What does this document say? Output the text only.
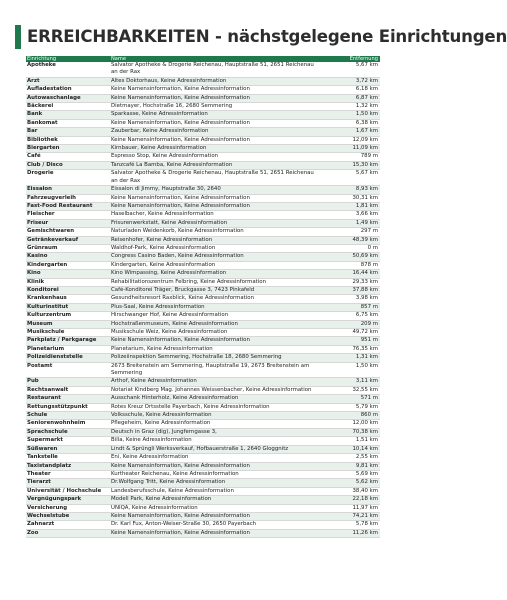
ERREICHBARKEITEN - nächstgelegene Einrichtungen
Einrichtung	Name	Entfernung
Apotheke	Salvator Apotheke & Drogerie Reichenau, Hauptstraße 51, 2651 Reichenau an der Rax	5,67 km
Arzt	Altes Doktorhaus, Keine Adressinformation	3,72 km
Aufladestation	Keine Namensinformation, Keine Adressinformation	6,18 km
Autowaschanlage	Keine Namensinformation, Keine Adressinformation	6,87 km
Bäckerei	Dietmayer, Hochstraße 16, 2680 Semmering	1,32 km
Bank	Sparkasse, Keine Adressinformation	1,50 km
Bankomat	Keine Namensinformation, Keine Adressinformation	6,38 km
Bar	Zauberbar, Keine Adressinformation	1,67 km
Bibliothek	Keine Namensinformation, Keine Adressinformation	12,09 km
Biergarten	Kirnbauer, Keine Adressinformation	11,09 km
Café	Espresso Stop, Keine Adressinformation	789 m
Club / Disco	Tanzcafé La Bamba, Keine Adressinformation	15,30 km
Drogerie	Salvator Apotheke & Drogerie Reichenau, Hauptstraße 51, 2651 Reichenau an der Rax	5,67 km
Eissalon	Eissalon di Jimmy, Hauptstraße 30, 2640	8,93 km
Fahrzeugverleih	Keine Namensinformation, Keine Adressinformation	30,31 km
Fast-Food Restaurant	Keine Namensinformation, Keine Adressinformation	1,81 km
Fleischer	Haselbacher, Keine Adressinformation	3,66 km
Friseur	Frisurenwerkstatt, Keine Adressinformation	1,49 km
Gemischtwaren	Naturladen Weidenkorb, Keine Adressinformation	297 m
Getränkeverkauf	Reisenhofer, Keine Adressinformation	48,39 km
Grünraum	Waldhof-Park, Keine Adressinformation	0 m
Kasino	Congress Casino Baden, Keine Adressinformation	50,69 km
Kindergarten	Kindergarten, Keine Adressinformation	878 m
Kino	Kino Wimpassing, Keine Adressinformation	16,44 km
Klinik	Rehabilitationszentrum Felbring, Keine Adressinformation	29,33 km
Konditorei	Café-Konditorei Träger, Bruckgasse 3, 7423 Pinkafeld	37,88 km
Krankenhaus	Gesundheitsresort Raxblick, Keine Adressinformation	3,98 km
Kulturinstitut	Plus-Saal, Keine Adressinformation	857 m
Kulturzentrum	Hirschwanger Hof, Keine Adressinformation	6,75 km
Museum	Hochstraßenmuseum, Keine Adressinformation	209 m
Musikschule	Musikschule Weiz, Keine Adressinformation	49,72 km
Parkplatz / Parkgarage	Keine Namensinformation, Keine Adressinformation	951 m
Planetarium	Planetarium, Keine Adressinformation	76,35 km
Polizeidienststelle	Polizeiinspektion Semmering, Hochstraße 18, 2680 Semmering	1,31 km
Postamt	2673 Breitenstein am Semmering, Hauptstraße 19, 2673 Breitenstein am Semmering	1,50 km
Pub	Arthof, Keine Adressinformation	3,11 km
Rechtsanwalt	Notariat Kindberg Mag. Johannes Weissenbacher, Keine Adressinformation	32,55 km
Restaurant	Ausschank Hinterholz, Keine Adressinformation	571 m
Rettungsstützpunkt	Rotes Kreuz Ortsstelle Payerbach, Keine Adressinformation	5,79 km
Schule	Volksschule, Keine Adressinformation	860 m
Seniorenwohnheim	Pflegeheim, Keine Adressinformation	12,00 km
Sprachschule	Deutsch in Graz (dig), Jungferngasse 3,	70,38 km
Supermarkt	Billa, Keine Adressinformation	1,51 km
Süßwaren	Lindt & Sprüngli Werksverkauf, Hofbauerstraße 1, 2640 Gloggnitz	10,14 km
Tankstelle	Eni, Keine Adressinformation	2,55 km
Taxistandplatz	Keine Namensinformation, Keine Adressinformation	9,81 km
Theater	Kurtheater Reichenau, Keine Adressinformation	5,69 km
Tierarzt	Dr.Wolfgang Tritt, Keine Adressinformation	5,62 km
Universität / Hochschule	Landesberufsschule, Keine Adressinformation	38,40 km
Vergnügungspark	Modell Park, Keine Adressinformation	22,18 km
Versicherung	UNIQA, Keine Adressinformation	11,97 km
Wechselstube	Keine Namensinformation, Keine Adressinformation	74,21 km
Zahnarzt	Dr. Karl Fux, Anton-Weiser-Straße 30, 2650 Payerbach	5,78 km
Zoo	Keine Namensinformation, Keine Adressinformation	11,26 km
